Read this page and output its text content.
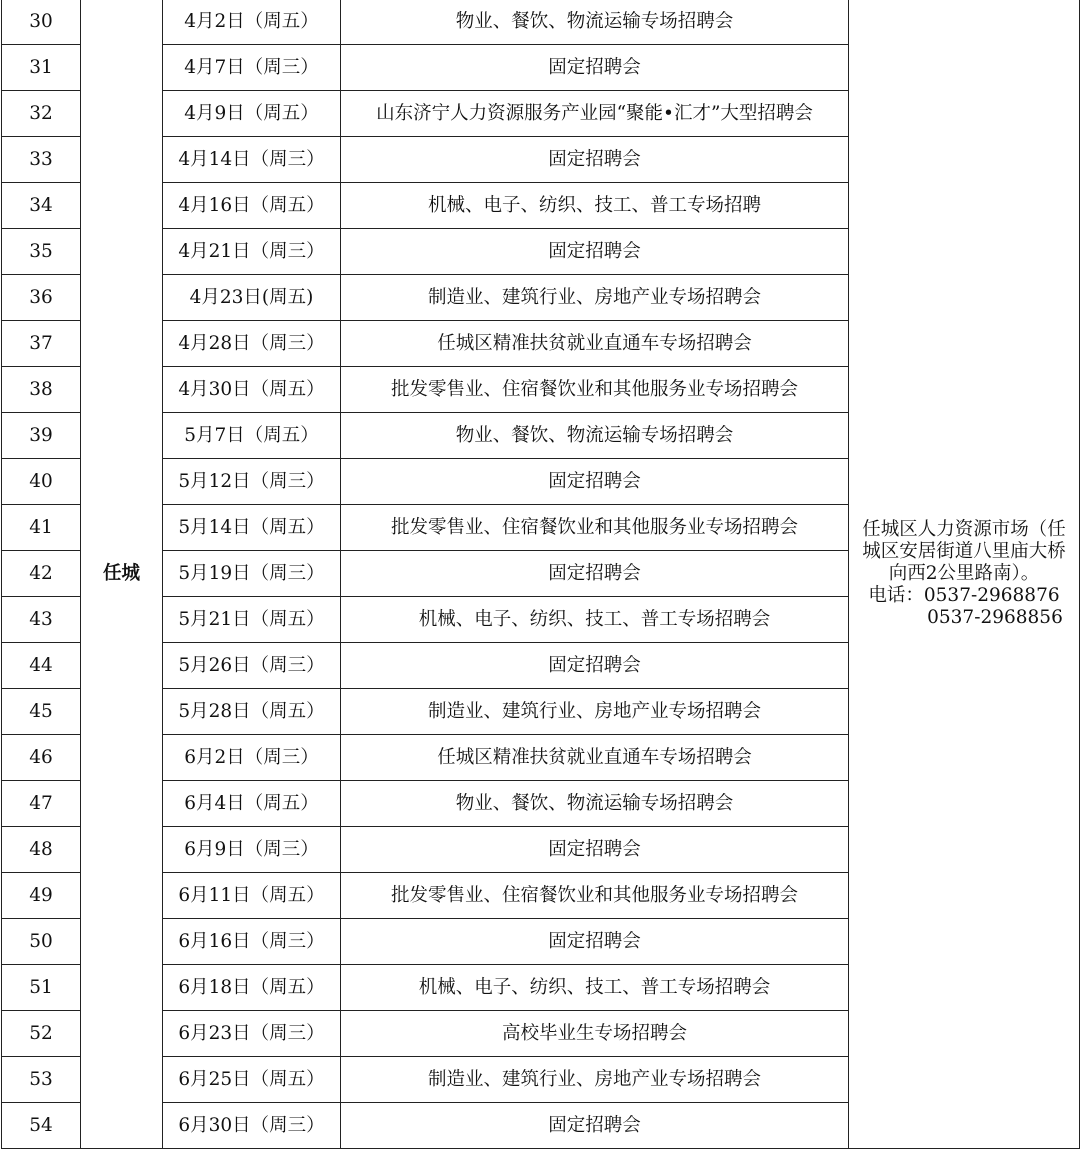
30	任城	4月2日（周五）	物业、餐饮、物流运输专场招聘会	任城区人力资源市场（任
城区安居街道八里庙大桥
向西2公里路南）。
电话：0537-2968876
0537-2968856

31		4月7日（周三）	固定招聘会	
32		4月9日（周五）	山东济宁人力资源服务产业园“聚能•汇才”大型招聘会	
33		4月14日（周三）	固定招聘会	
34		4月16日（周五）	机械、电子、纺织、技工、普工专场招聘	
35		4月21日（周三）	固定招聘会	
36		4月23日(周五)	制造业、建筑行业、房地产业专场招聘会	
37		4月28日（周三）	任城区精准扶贫就业直通车专场招聘会	
38		4月30日（周五）	批发零售业、住宿餐饮业和其他服务业专场招聘会	
39		5月7日（周五）	物业、餐饮、物流运输专场招聘会	
40		5月12日（周三）	固定招聘会	
41		5月14日（周五）	批发零售业、住宿餐饮业和其他服务业专场招聘会	
42		5月19日（周三）	固定招聘会	
43		5月21日（周五）	机械、电子、纺织、技工、普工专场招聘会	
44		5月26日（周三）	固定招聘会	
45		5月28日（周五）	制造业、建筑行业、房地产业专场招聘会	
46		6月2日（周三）	任城区精准扶贫就业直通车专场招聘会	
47		6月4日（周五）	物业、餐饮、物流运输专场招聘会	
48		6月9日（周三）	固定招聘会	
49		6月11日（周五）	批发零售业、住宿餐饮业和其他服务业专场招聘会	
50		6月16日（周三）	固定招聘会	
51		6月18日（周五）	机械、电子、纺织、技工、普工专场招聘会	
52		6月23日（周三）	高校毕业生专场招聘会	
53		6月25日（周五）	制造业、建筑行业、房地产业专场招聘会	
54		6月30日（周三）	固定招聘会	
